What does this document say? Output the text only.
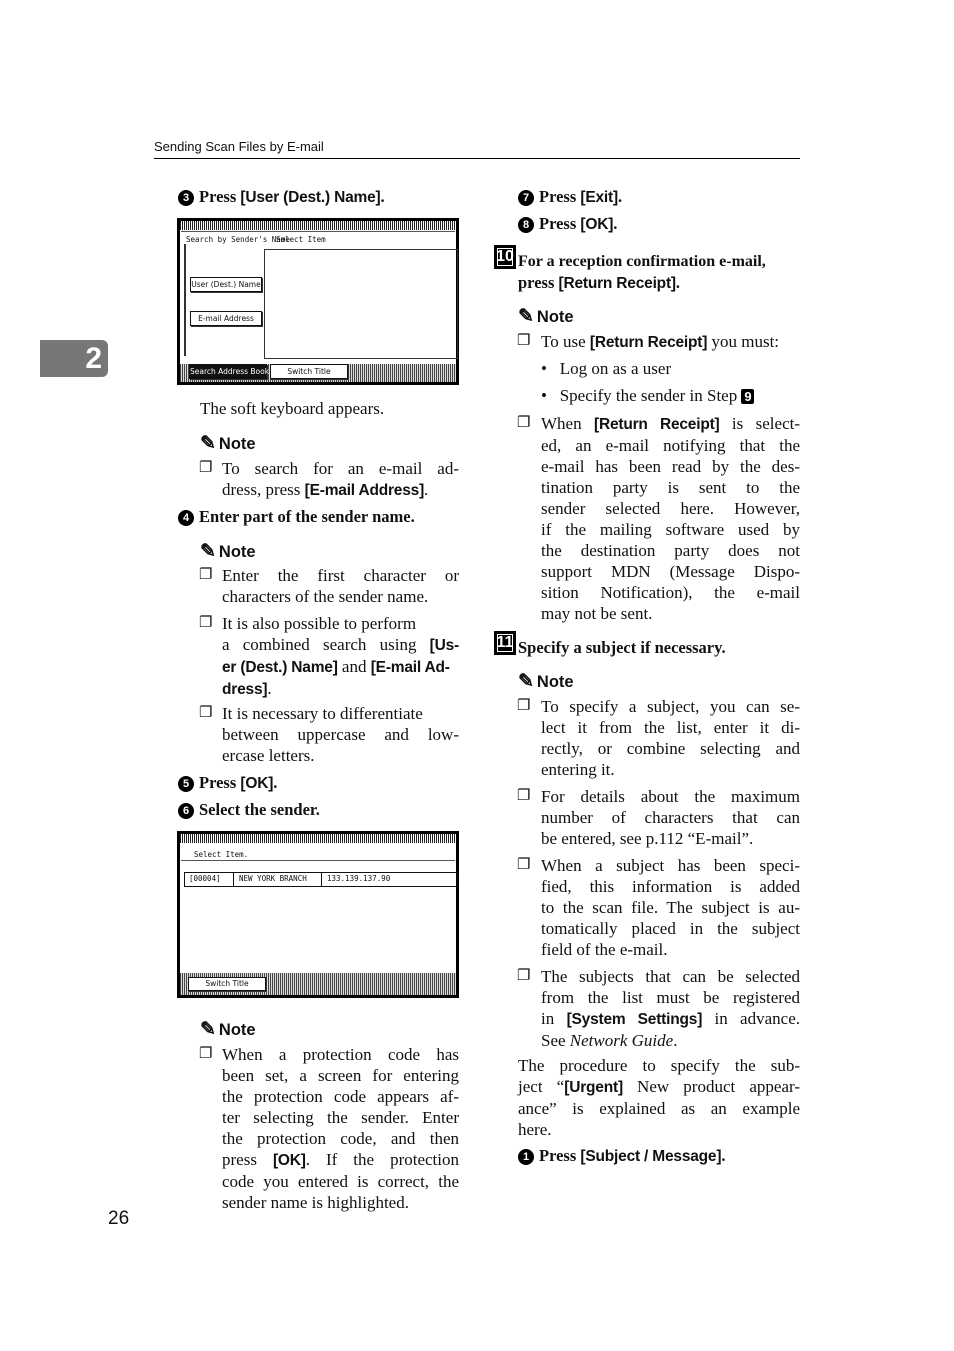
Sending Scan Files by E-mail
2
26
3 Press [User (Dest.) Name].
Search by Sender's Name
Select Item
User (Dest.) Name
E-mail Address
Search Address Book	Switch Title
The soft keyboard appears.
✎ Note
❐ To search for an e-mail ad-
dress, press [E-mail Address].
4 Enter part of the sender name.
✎ Note
❐ Enter the first character or
characters of the sender name.
❐ It is also possible to perform
a combined search using [Us-
er (Dest.) Name] and [E-mail Ad-
dress].
❐ It is necessary to differentiate
between uppercase and low-
ercase letters.
5 Press [OK].
6 Select the sender.
Select Item.
[00004] NEW YORK BRANCH	133.139.137.90
Switch Title
✎ Note
❐ When a protection code has
been set, a screen for entering
the protection code appears af-
ter selecting the sender. Enter
the protection code, and then
press [OK]. If the protection
code you entered is correct, the
sender name is highlighted.
7 Press [Exit].
8 Press [OK].
10 For a reception confirmation e-mail,
press [Return Receipt].
✎ Note
❐ To use [Return Receipt] you must:
•   Log on as a user
•   Specify the sender in Step 9
❐ When [Return Receipt] is select-
ed, an e-mail notifying that the
e-mail has been read by the des-
tination party is sent to the
sender selected here. However,
if the mailing software used by
the destination party does not
support MDN (Message Dispo-
sition Notification), the e-mail
may not be sent.
11 Specify a subject if necessary.
✎ Note
❐ To specify a subject, you can se-
lect it from the list, enter it di-
rectly, or combine selecting and
entering it.
❐ For details about the maximum
number of characters that can
be entered, see p.112 “E-mail”.
❐ When a subject has been speci-
fied, this information is added
to the scan file. The subject is au-
tomatically placed in the subject
field of the e-mail.
❐ The subjects that can be selected
from the list must be registered
in [System Settings] in advance.
See Network Guide.
The procedure to specify the sub-
ject “[Urgent] New product appear-
ance” is explained as an example
here.
1 Press [Subject / Message].
